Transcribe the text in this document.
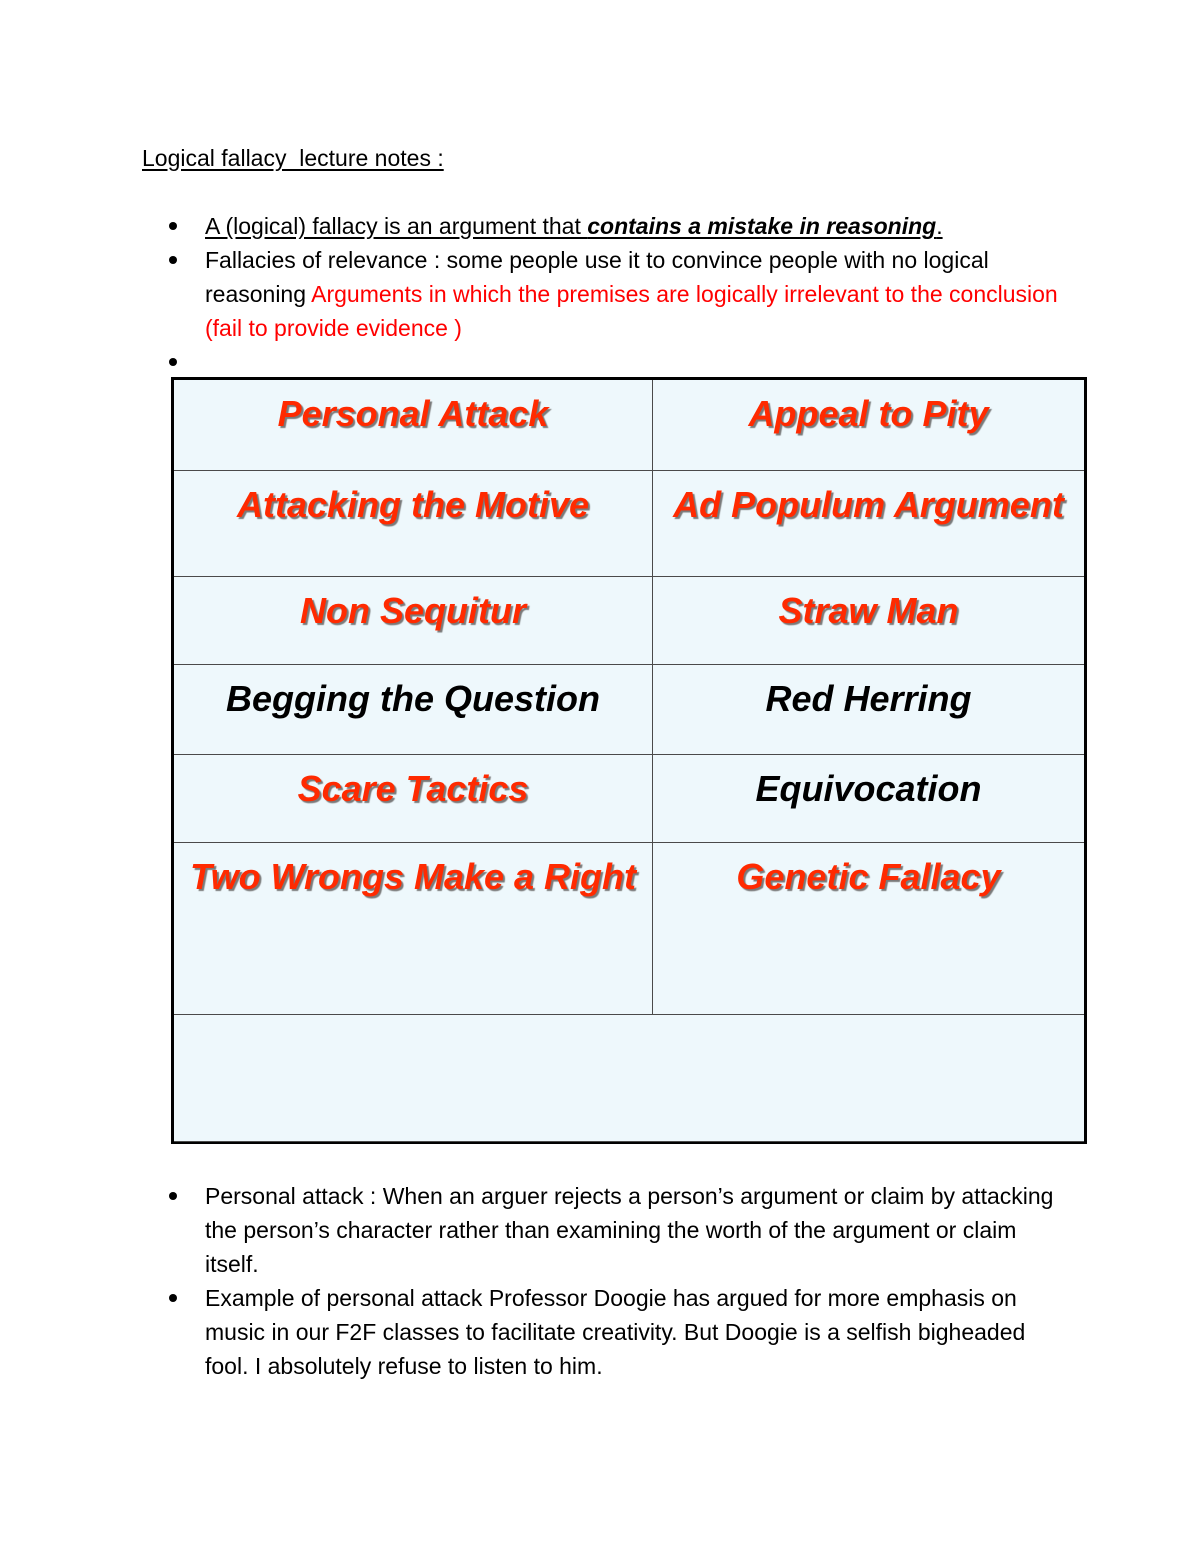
Logical fallacy  lecture notes :
A (logical) fallacy is an argument that contains a mistake in reasoning.
Fallacies of relevance : some people use it to convince people with no logical reasoning Arguments in which the premises are logically irrelevant to the conclusion (fail to provide evidence )
Personal Attack	Appeal to Pity
Attacking the Motive	Ad Populum Argument
Non Sequitur	Straw Man
Begging the Question	Red Herring
Scare Tactics	Equivocation
Two Wrongs Make a Right	Genetic Fallacy

Personal attack : When an arguer rejects a person’s argument or claim by attacking the person’s character rather than examining the worth of the argument or claim itself.
Example of personal attack Professor Doogie has argued for more emphasis on music in our F2F classes to facilitate creativity. But Doogie is a selfish bigheaded fool. I absolutely refuse to listen to him.
